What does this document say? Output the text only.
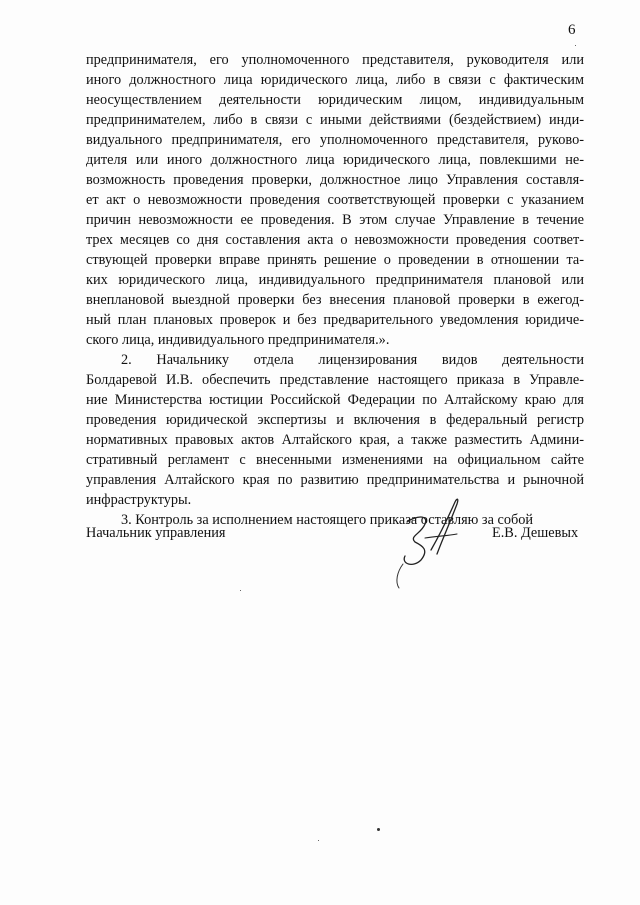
6
предпринимателя, его уполномоченного представителя, руководителя или
иного должностного лица юридического лица, либо в связи с фактическим
неосуществлением деятельности юридическим лицом, индивидуальным
предпринимателем, либо в связи с иными действиями (бездействием) инди-
видуального предпринимателя, его уполномоченного представителя, руково-
дителя или иного должностного лица юридического лица, повлекшими не-
возможность проведения проверки, должностное лицо Управления составля-
ет акт о невозможности проведения соответствующей проверки с указанием
причин невозможности ее проведения. В этом случае Управление в течение
трех месяцев со дня составления акта о невозможности проведения соответ-
ствующей проверки вправе принять решение о проведении в отношении та-
ких юридического лица, индивидуального предпринимателя плановой или
внеплановой выездной проверки без внесения плановой проверки в ежегод-
ный план плановых проверок и без предварительного уведомления юридиче-
ского лица, индивидуального предпринимателя.».
2. Начальнику отдела лицензирования видов деятельности
Болдаревой И.В. обеспечить представление настоящего приказа в Управле-
ние Министерства юстиции Российской Федерации по Алтайскому краю для
проведения юридической экспертизы и включения в федеральный регистр
нормативных правовых актов Алтайского края, а также разместить Админи-
стративный регламент с внесенными изменениями на официальном сайте
управления Алтайского края по развитию предпринимательства и рыночной
инфраструктуры.
3. Контроль за исполнением настоящего приказа оставляю за собой
Начальник управления	Е.В. Дешевых
